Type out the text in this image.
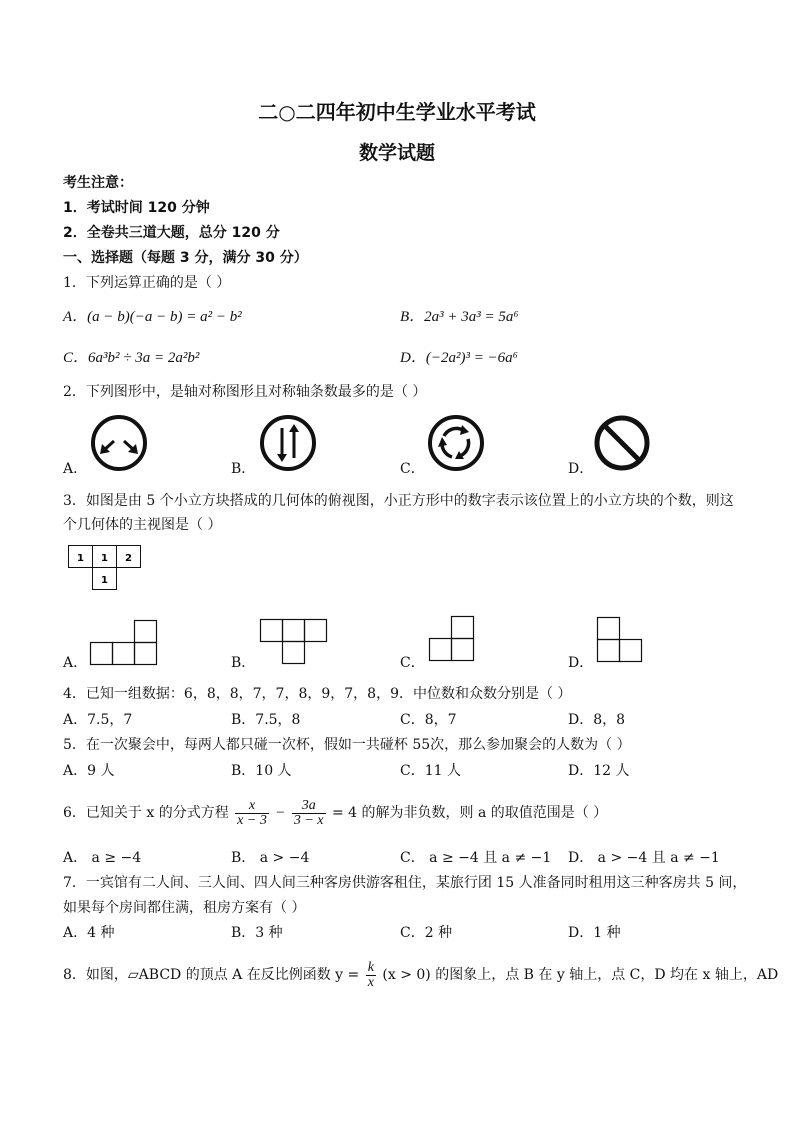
二○二四年初中生学业水平考试
数学试题
考生注意：
1．考试时间 120 分钟
2．全卷共三道大题，总分 120 分
一、选择题（每题 3 分，满分 30 分）
1．下列运算正确的是（ ）
A．(a − b)(−a − b) = a² − b²	B．2a³ + 3a³ = 5a⁶
C．6a³b² ÷ 3a = 2a²b²	D．(−2a²)³ = −6a⁶
2．下列图形中，是轴对称图形且对称轴条数最多的是（ ）
A．	B．	C．	D．
3．如图是由 5 个小立方块搭成的几何体的俯视图，小正方形中的数字表示该位置上的小立方块的个数，则这
个几何体的主视图是（ ）
1 1 2
1
A．	B．	C．	D．
4．已知一组数据：6，8，8，7，7，8，9，7，8，9．中位数和众数分别是（ ）
A．7.5，7	B．7.5，8	C．8，7	D．8，8
5．在一次聚会中，每两人都只碰一次杯，假如一共碰杯 55次，那么参加聚会的人数为（ ）
A．9 人	B．10 人	C．11 人	D．12 人
6．已知关于 x 的分式方程 $\frac{x}{x - 3} - \frac{3a}{3 - x} = 4$ 的解为非负数，则 a 的取值范围是（ ）
A． a ≥ −4	B． a > −4	C． a ≥ −4 且 a ≠ −1 D． a > −4 且 a ≠ −1
7．一宾馆有二人间、三人间、四人间三种客房供游客租住，某旅行团 15 人准备同时租用这三种客房共 5 间，
如果每个房间都住满，租房方案有（ ）
A．4 种	B．3 种	C．2 种	D．1 种
8．如图，▱ABCD 的顶点 A 在反比例函数 $y = \frac{k}{x} (x > 0)$ 的图象上，点 B 在 y 轴上，点 C，D 均在 x 轴上，AD
